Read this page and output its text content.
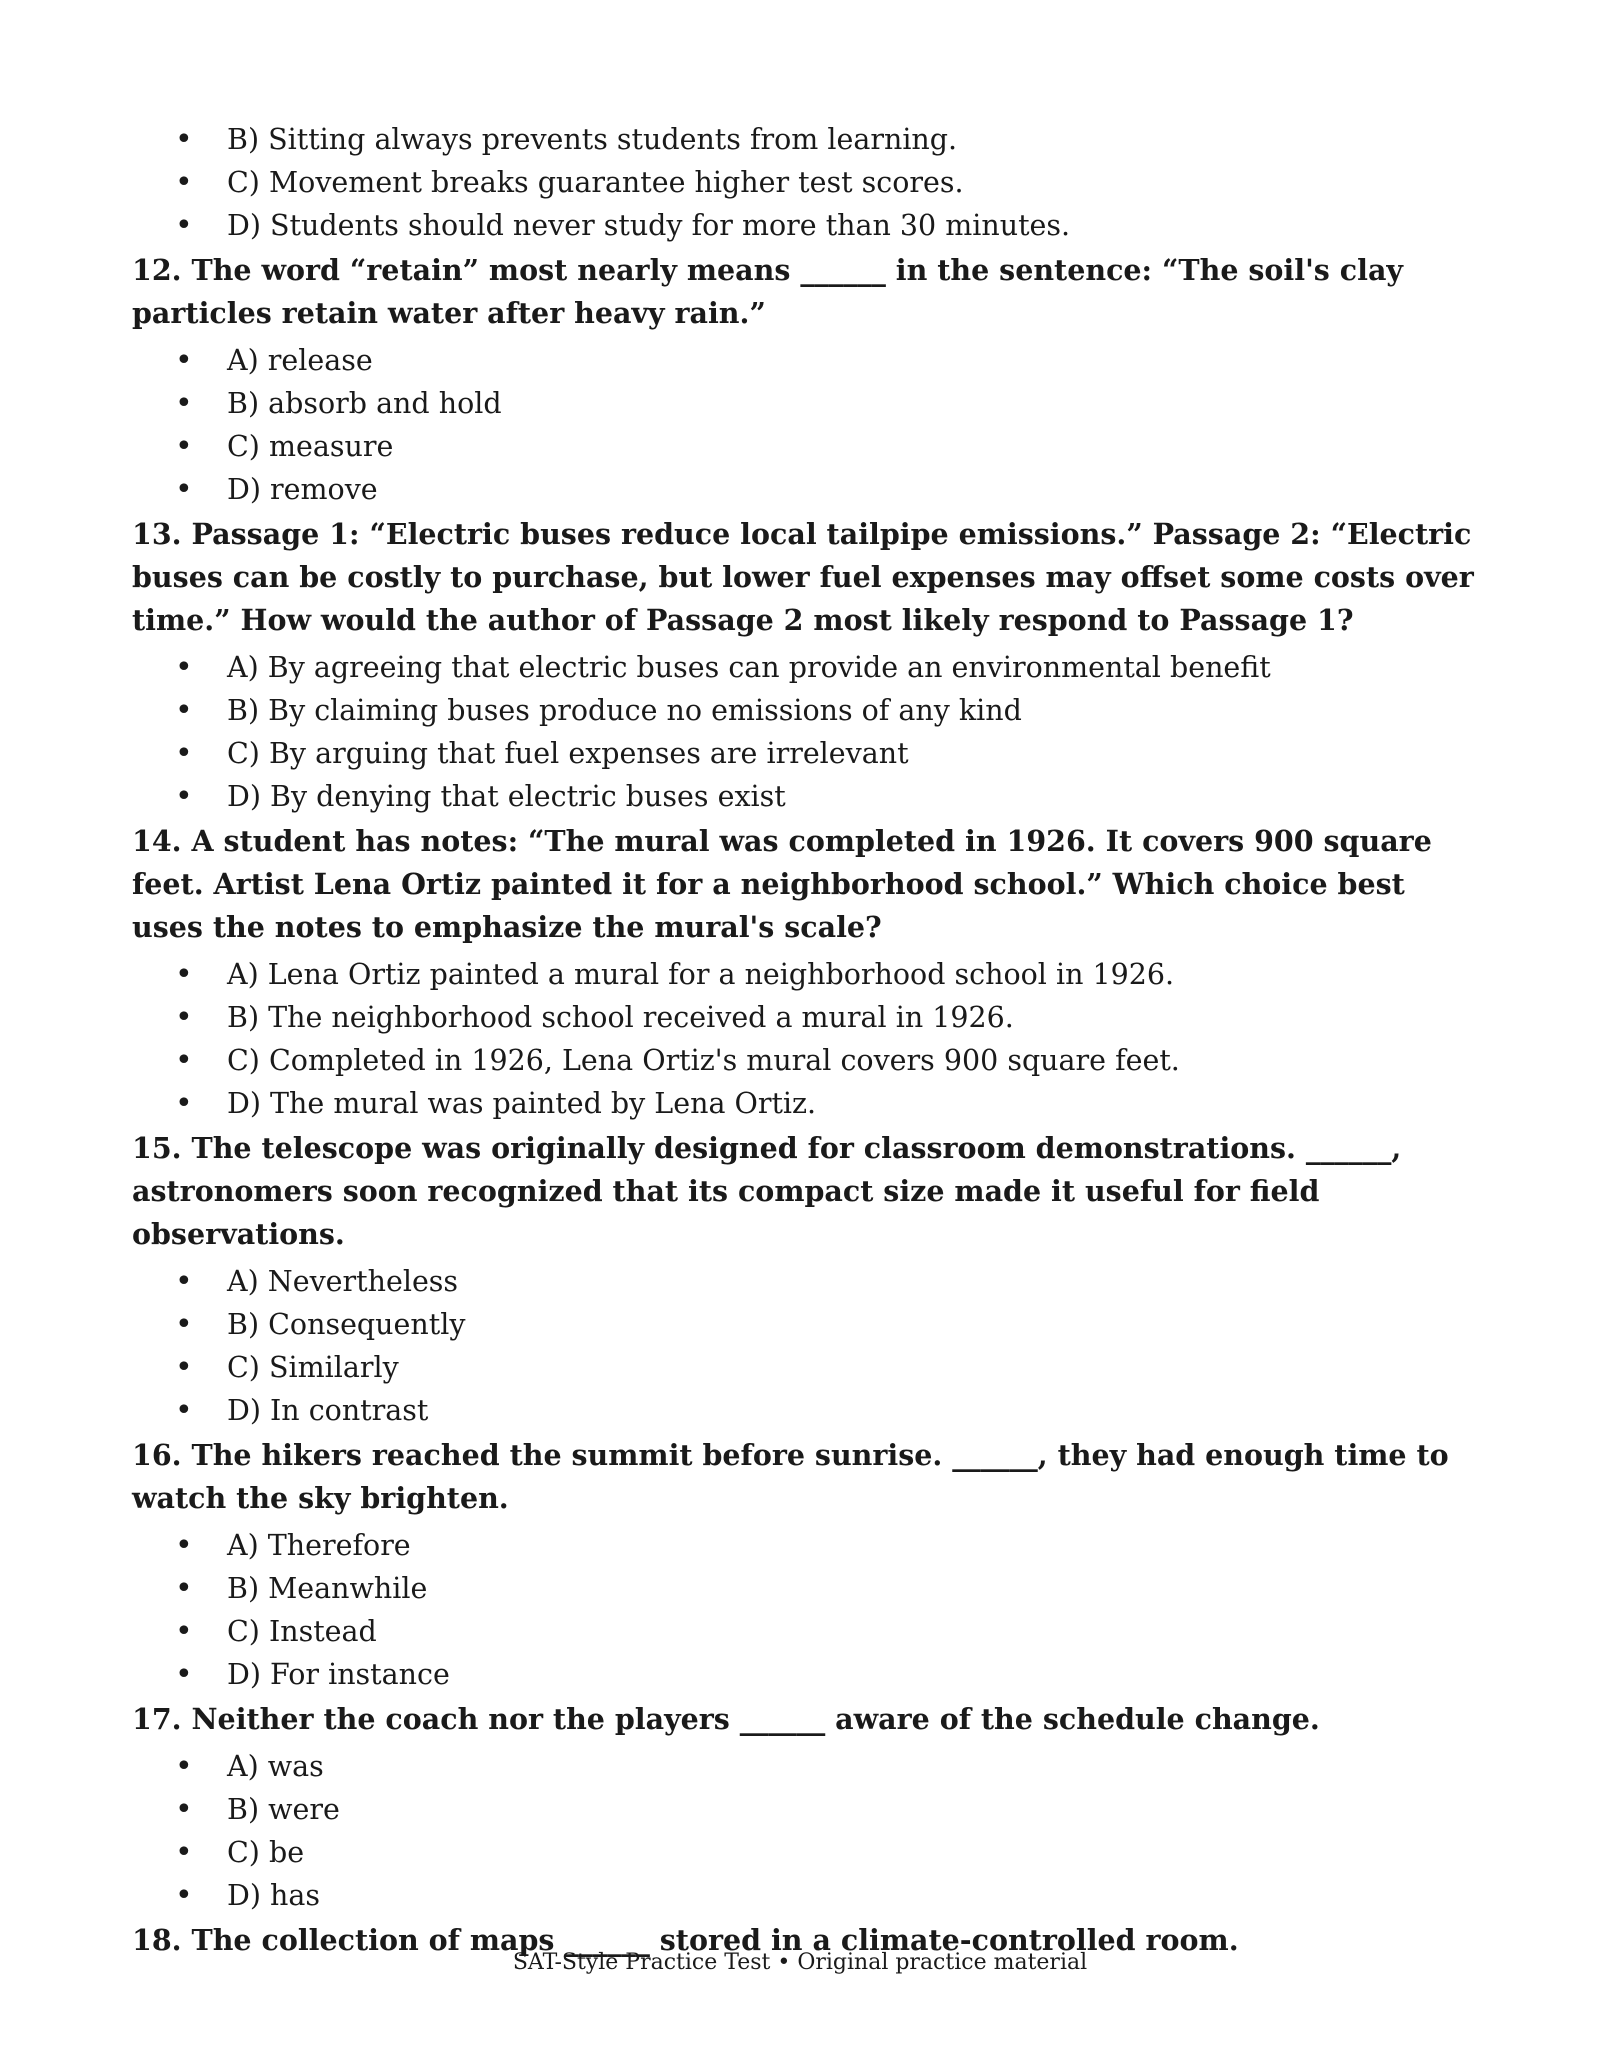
• B) Sitting always prevents students from learning.
• C) Movement breaks guarantee higher test scores.
• D) Students should never study for more than 30 minutes.

12. The word “retain” most nearly means ______ in the sentence: “The soil's clay particles retain water after heavy rain.”

• A) release
• B) absorb and hold
• C) measure
• D) remove

13. Passage 1: “Electric buses reduce local tailpipe emissions.” Passage 2: “Electric buses can be costly to purchase, but lower fuel expenses may offset some costs over time.” How would the author of Passage 2 most likely respond to Passage 1?

• A) By agreeing that electric buses can provide an environmental benefit
• B) By claiming buses produce no emissions of any kind
• C) By arguing that fuel expenses are irrelevant
• D) By denying that electric buses exist

14. A student has notes: “The mural was completed in 1926. It covers 900 square feet. Artist Lena Ortiz painted it for a neighborhood school.” Which choice best uses the notes to emphasize the mural's scale?

• A) Lena Ortiz painted a mural for a neighborhood school in 1926.
• B) The neighborhood school received a mural in 1926.
• C) Completed in 1926, Lena Ortiz's mural covers 900 square feet.
• D) The mural was painted by Lena Ortiz.

15. The telescope was originally designed for classroom demonstrations. ______, astronomers soon recognized that its compact size made it useful for field observations.

• A) Nevertheless
• B) Consequently
• C) Similarly
• D) In contrast

16. The hikers reached the summit before sunrise. ______, they had enough time to watch the sky brighten.

• A) Therefore
• B) Meanwhile
• C) Instead
• D) For instance

17. Neither the coach nor the players ______ aware of the schedule change.

• A) was
• B) were
• C) be
• D) has

18. The collection of maps ______ stored in a climate-controlled room.

SAT-Style Practice Test • Original practice material
